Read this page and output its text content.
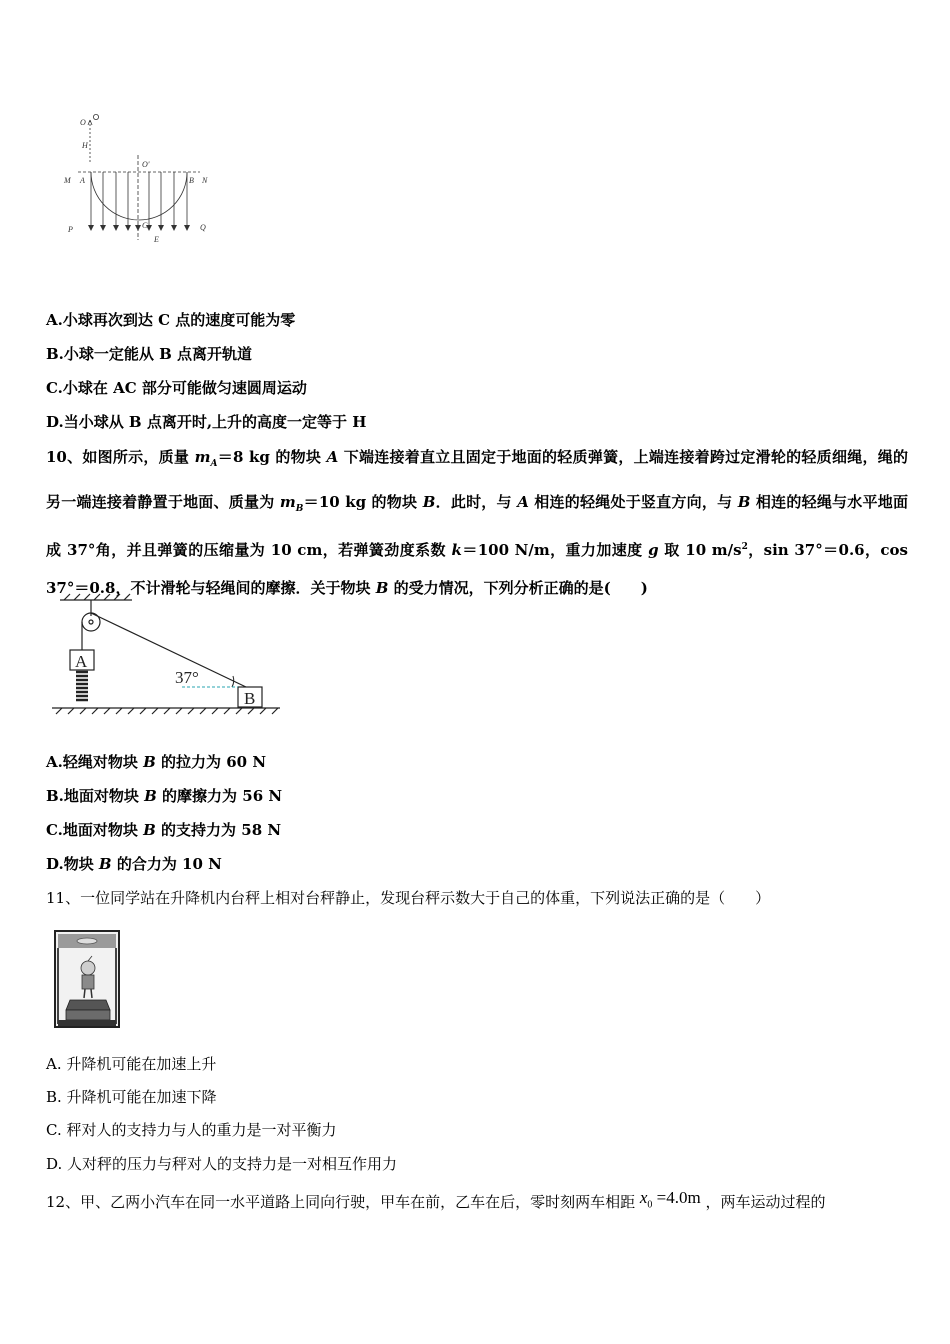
O
H
O'
M A	B N
P	C
E
Q
A.小球再次到达 C 点的速度可能为零
B.小球一定能从 B 点离开轨道
C.小球在 AC 部分可能做匀速圆周运动
D.当小球从 B 点离开时,上升的高度一定等于 H
10、如图所示，质量 $m_A=8$ kg 的物块 A 下端连接着直立且固定于地面的轻质弹簧，上端连接着跨过定滑轮的轻质细绳，绳的另一端连接着静置于地面、质量为 $m_B=10$ kg 的物块 B．此时，与 A 相连的轻绳处于竖直方向，与 B 相连的轻绳与水平地面成 37°角，并且弹簧的压缩量为 10 cm，若弹簧劲度系数 k＝100 N/m，重力加速度 g 取 10 $m/s^2$，sin 37°＝0.6，cos 37°＝0.8，不计滑轮与轻绳间的摩擦．关于物块 B 的受力情况，下列分析正确的是(　　)
A
B
37°
A.轻绳对物块 B 的拉力为 60 N
B.地面对物块 B 的摩擦力为 56 N
C.地面对物块 B 的支持力为 58 N
D.物块 B 的合力为 10 N
11、一位同学站在升降机内台秤上相对台秤静止，发现台秤示数大于自己的体重，下列说法正确的是（　　）
A. 升降机可能在加速上升
B. 升降机可能在加速下降
C. 秤对人的支持力与人的重力是一对平衡力
D. 人对秤的压力与秤对人的支持力是一对相互作用力
12、甲、乙两小汽车在同一水平道路上同向行驶，甲车在前，乙车在后，零时刻两车相距 $x_0 =4.0m$ ，两车运动过程的
